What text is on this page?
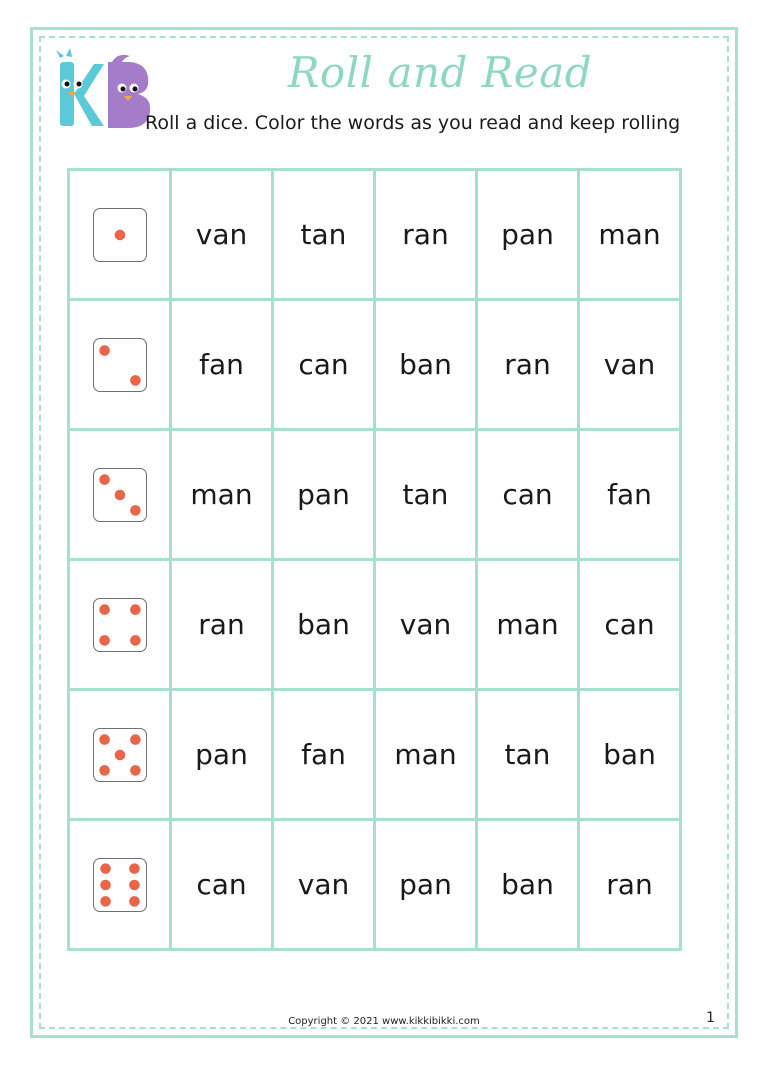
Roll and Read
Roll a dice. Color the words as you read and keep rolling
	van	tan	ran	pan	man

	fan	can	ban	ran	van

	man	pan	tan	can	fan

	ran	ban	van	man	can

	pan	fan	man	tan	ban

	can	van	pan	ban	ran
Copyright © 2021 www.kikkibikki.com	1
